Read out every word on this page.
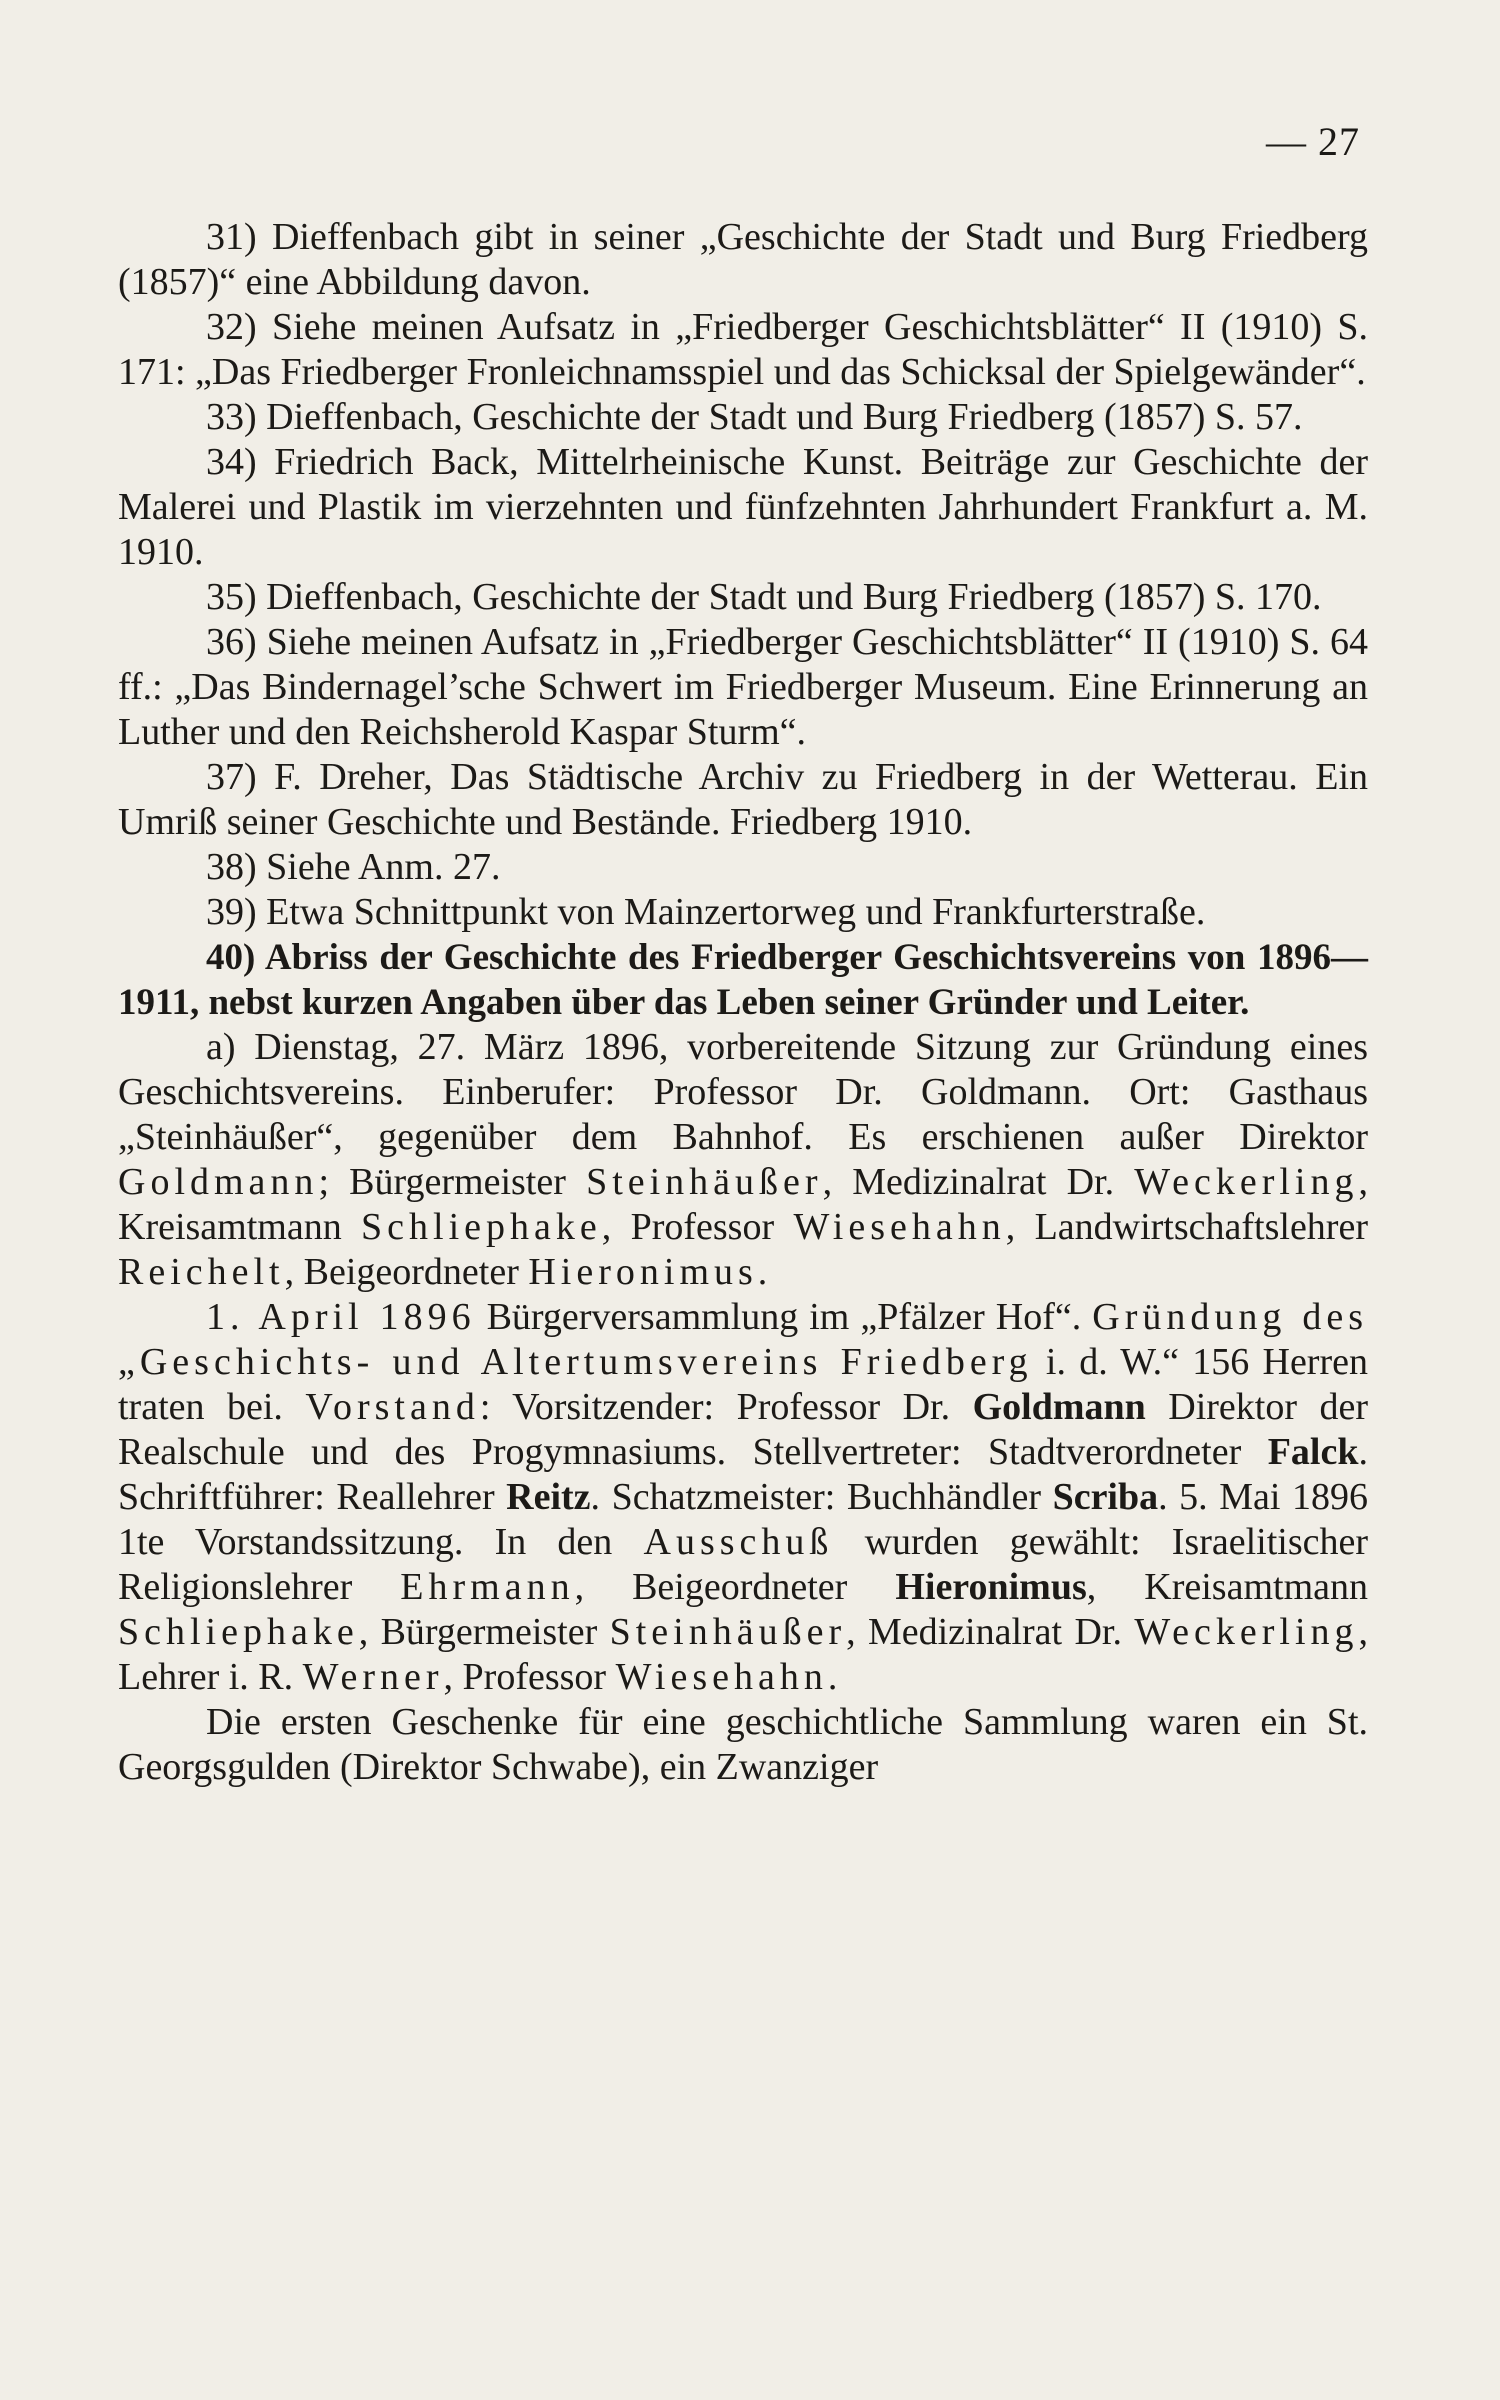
— 27

31) Dieffenbach gibt in seiner „Geschichte der Stadt und Burg Friedberg (1857)“ eine Abbildung davon.

32) Siehe meinen Aufsatz in „Friedberger Geschichtsblätter“ II (1910) S. 171: „Das Friedberger Fronleichnamsspiel und das Schicksal der Spielgewänder“.

33) Dieffenbach, Geschichte der Stadt und Burg Friedberg (1857) S. 57.

34) Friedrich Back, Mittelrheinische Kunst. Beiträge zur Geschichte der Malerei und Plastik im vierzehnten und fünfzehnten Jahrhundert Frankfurt a. M. 1910.

35) Dieffenbach, Geschichte der Stadt und Burg Friedberg (1857) S. 170.

36) Siehe meinen Aufsatz in „Friedberger Geschichtsblätter“ II (1910) S. 64 ff.: „Das Bindernagel’sche Schwert im Friedberger Museum. Eine Erinnerung an Luther und den Reichsherold Kaspar Sturm“.

37) F. Dreher, Das Städtische Archiv zu Friedberg in der Wetterau. Ein Umriß seiner Geschichte und Bestände. Friedberg 1910.

38) Siehe Anm. 27.

39) Etwa Schnittpunkt von Mainzertorweg und Frankfurterstraße.

40) Abriss der Geschichte des Friedberger Geschichtsvereins von 1896—1911, nebst kurzen Angaben über das Leben seiner Gründer und Leiter.

a) Dienstag, 27. März 1896, vorbereitende Sitzung zur Gründung eines Geschichtsvereins. Einberufer: Professor Dr. Goldmann. Ort: Gasthaus „Steinhäußer“, gegenüber dem Bahnhof. Es erschienen außer Direktor Goldmann; Bürgermeister Steinhäußer, Medizinalrat Dr. Weckerling, Kreisamtmann Schliephake, Professor Wiesehahn, Landwirtschaftslehrer Reichelt, Beigeordneter Hieronimus.

1. April 1896 Bürgerversammlung im „Pfälzer Hof“. Gründung des „Geschichts- und Altertumsvereins Friedberg i. d. W.“ 156 Herren traten bei. Vorstand: Vorsitzender: Professor Dr. Goldmann Direktor der Realschule und des Progymnasiums. Stellvertreter: Stadtverordneter Falck. Schriftführer: Reallehrer Reitz. Schatzmeister: Buchhändler Scriba. 5. Mai 1896 1te Vorstandssitzung. In den Ausschuß wurden gewählt: Israelitischer Religionslehrer Ehrmann, Beigeordneter Hieronimus, Kreisamtmann Schliephake, Bürgermeister Steinhäußer, Medizinalrat Dr. Weckerling, Lehrer i. R. Werner, Professor Wiesehahn.

Die ersten Geschenke für eine geschichtliche Sammlung waren ein St. Georgsgulden (Direktor Schwabe), ein Zwanziger
